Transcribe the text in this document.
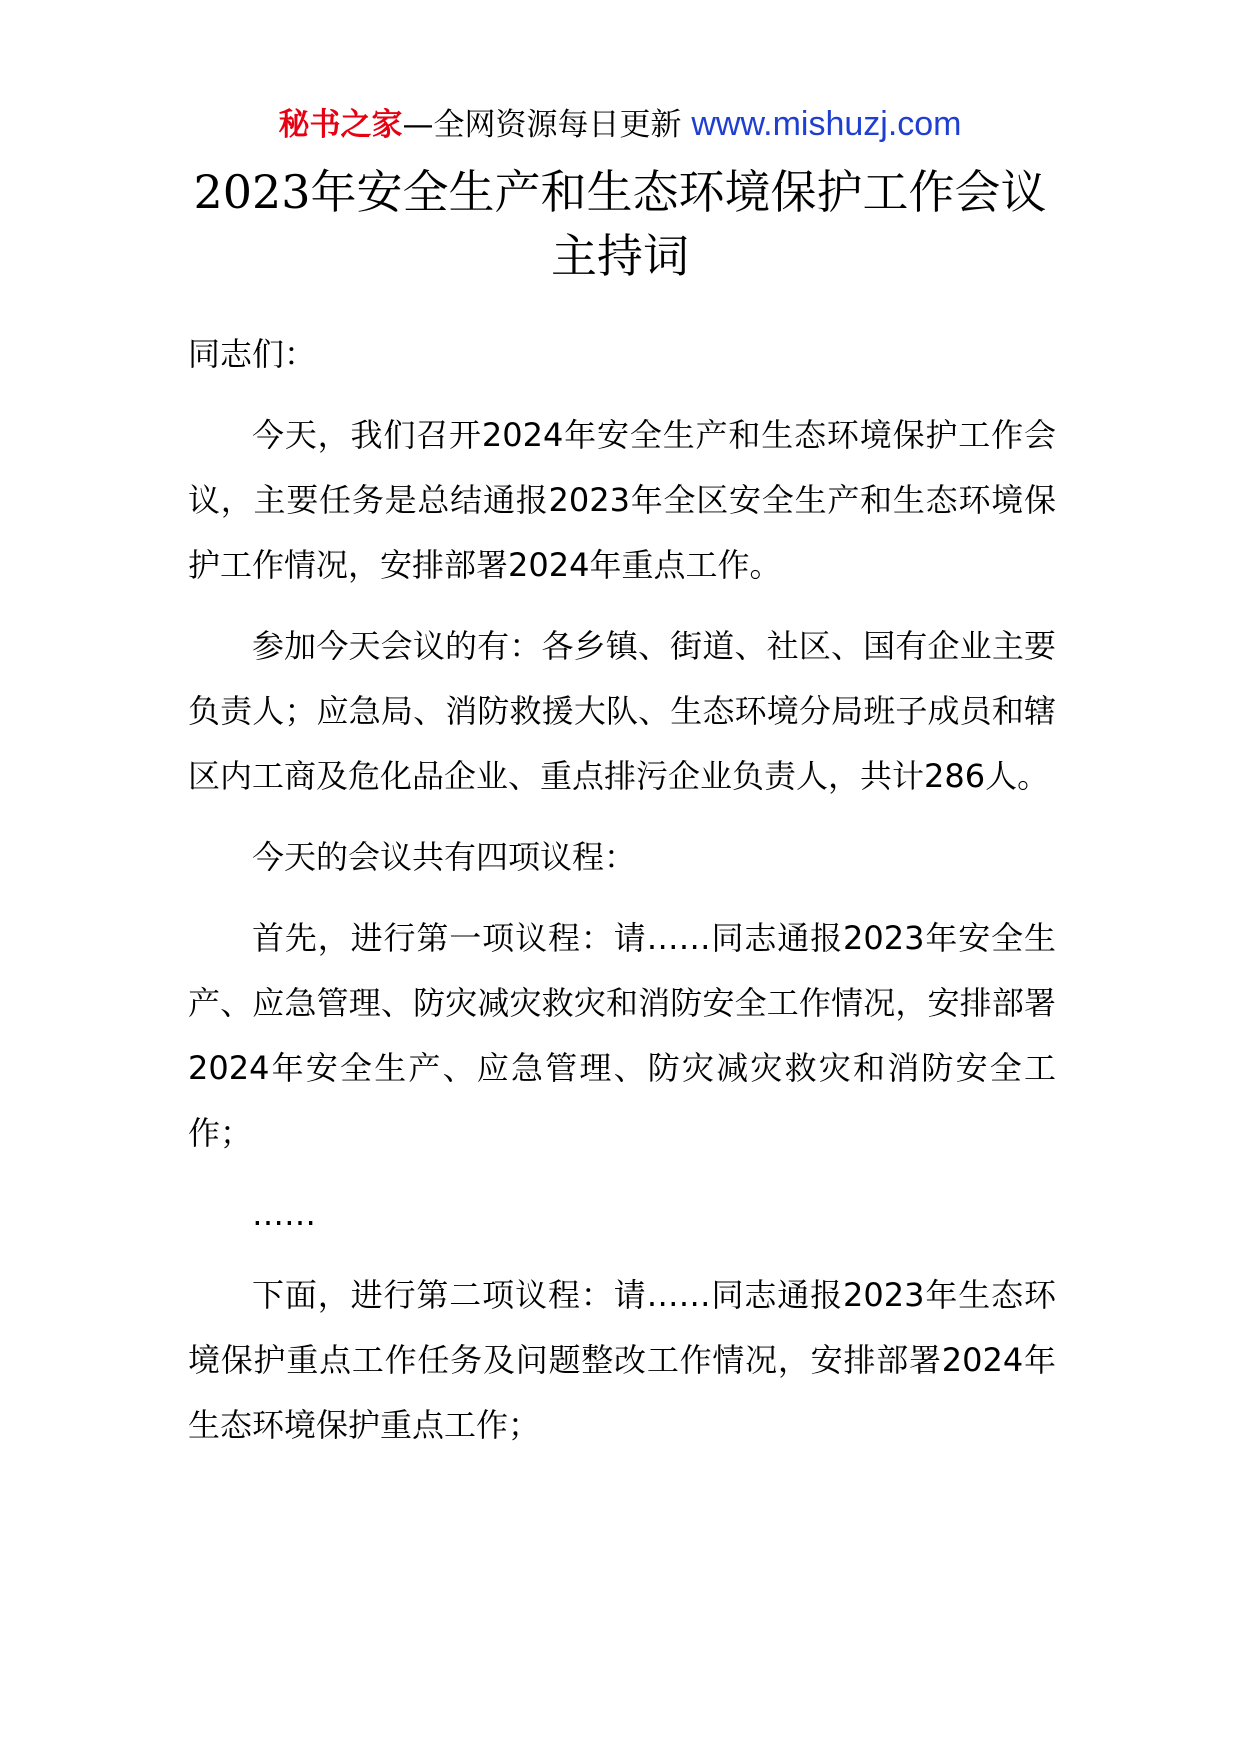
秘书之家—全网资源每日更新 www.mishuzj.com
2023年安全生产和生态环境保护工作会议
主持词

同志们：

今天，我们召开2024年安全生产和生态环境保护工作会议，主要任务是总结通报2023年全区安全生产和生态环境保护工作情况，安排部署2024年重点工作。

参加今天会议的有：各乡镇、街道、社区、国有企业主要负责人；应急局、消防救援大队、生态环境分局班子成员和辖区内工商及危化品企业、重点排污企业负责人，共计286人。

今天的会议共有四项议程：

首先，进行第一项议程：请……同志通报2023年安全生产、应急管理、防灾减灾救灾和消防安全工作情况，安排部署2024年安全生产、应急管理、防灾减灾救灾和消防安全工作；

……

下面，进行第二项议程：请……同志通报2023年生态环境保护重点工作任务及问题整改工作情况，安排部署2024年生态环境保护重点工作；
